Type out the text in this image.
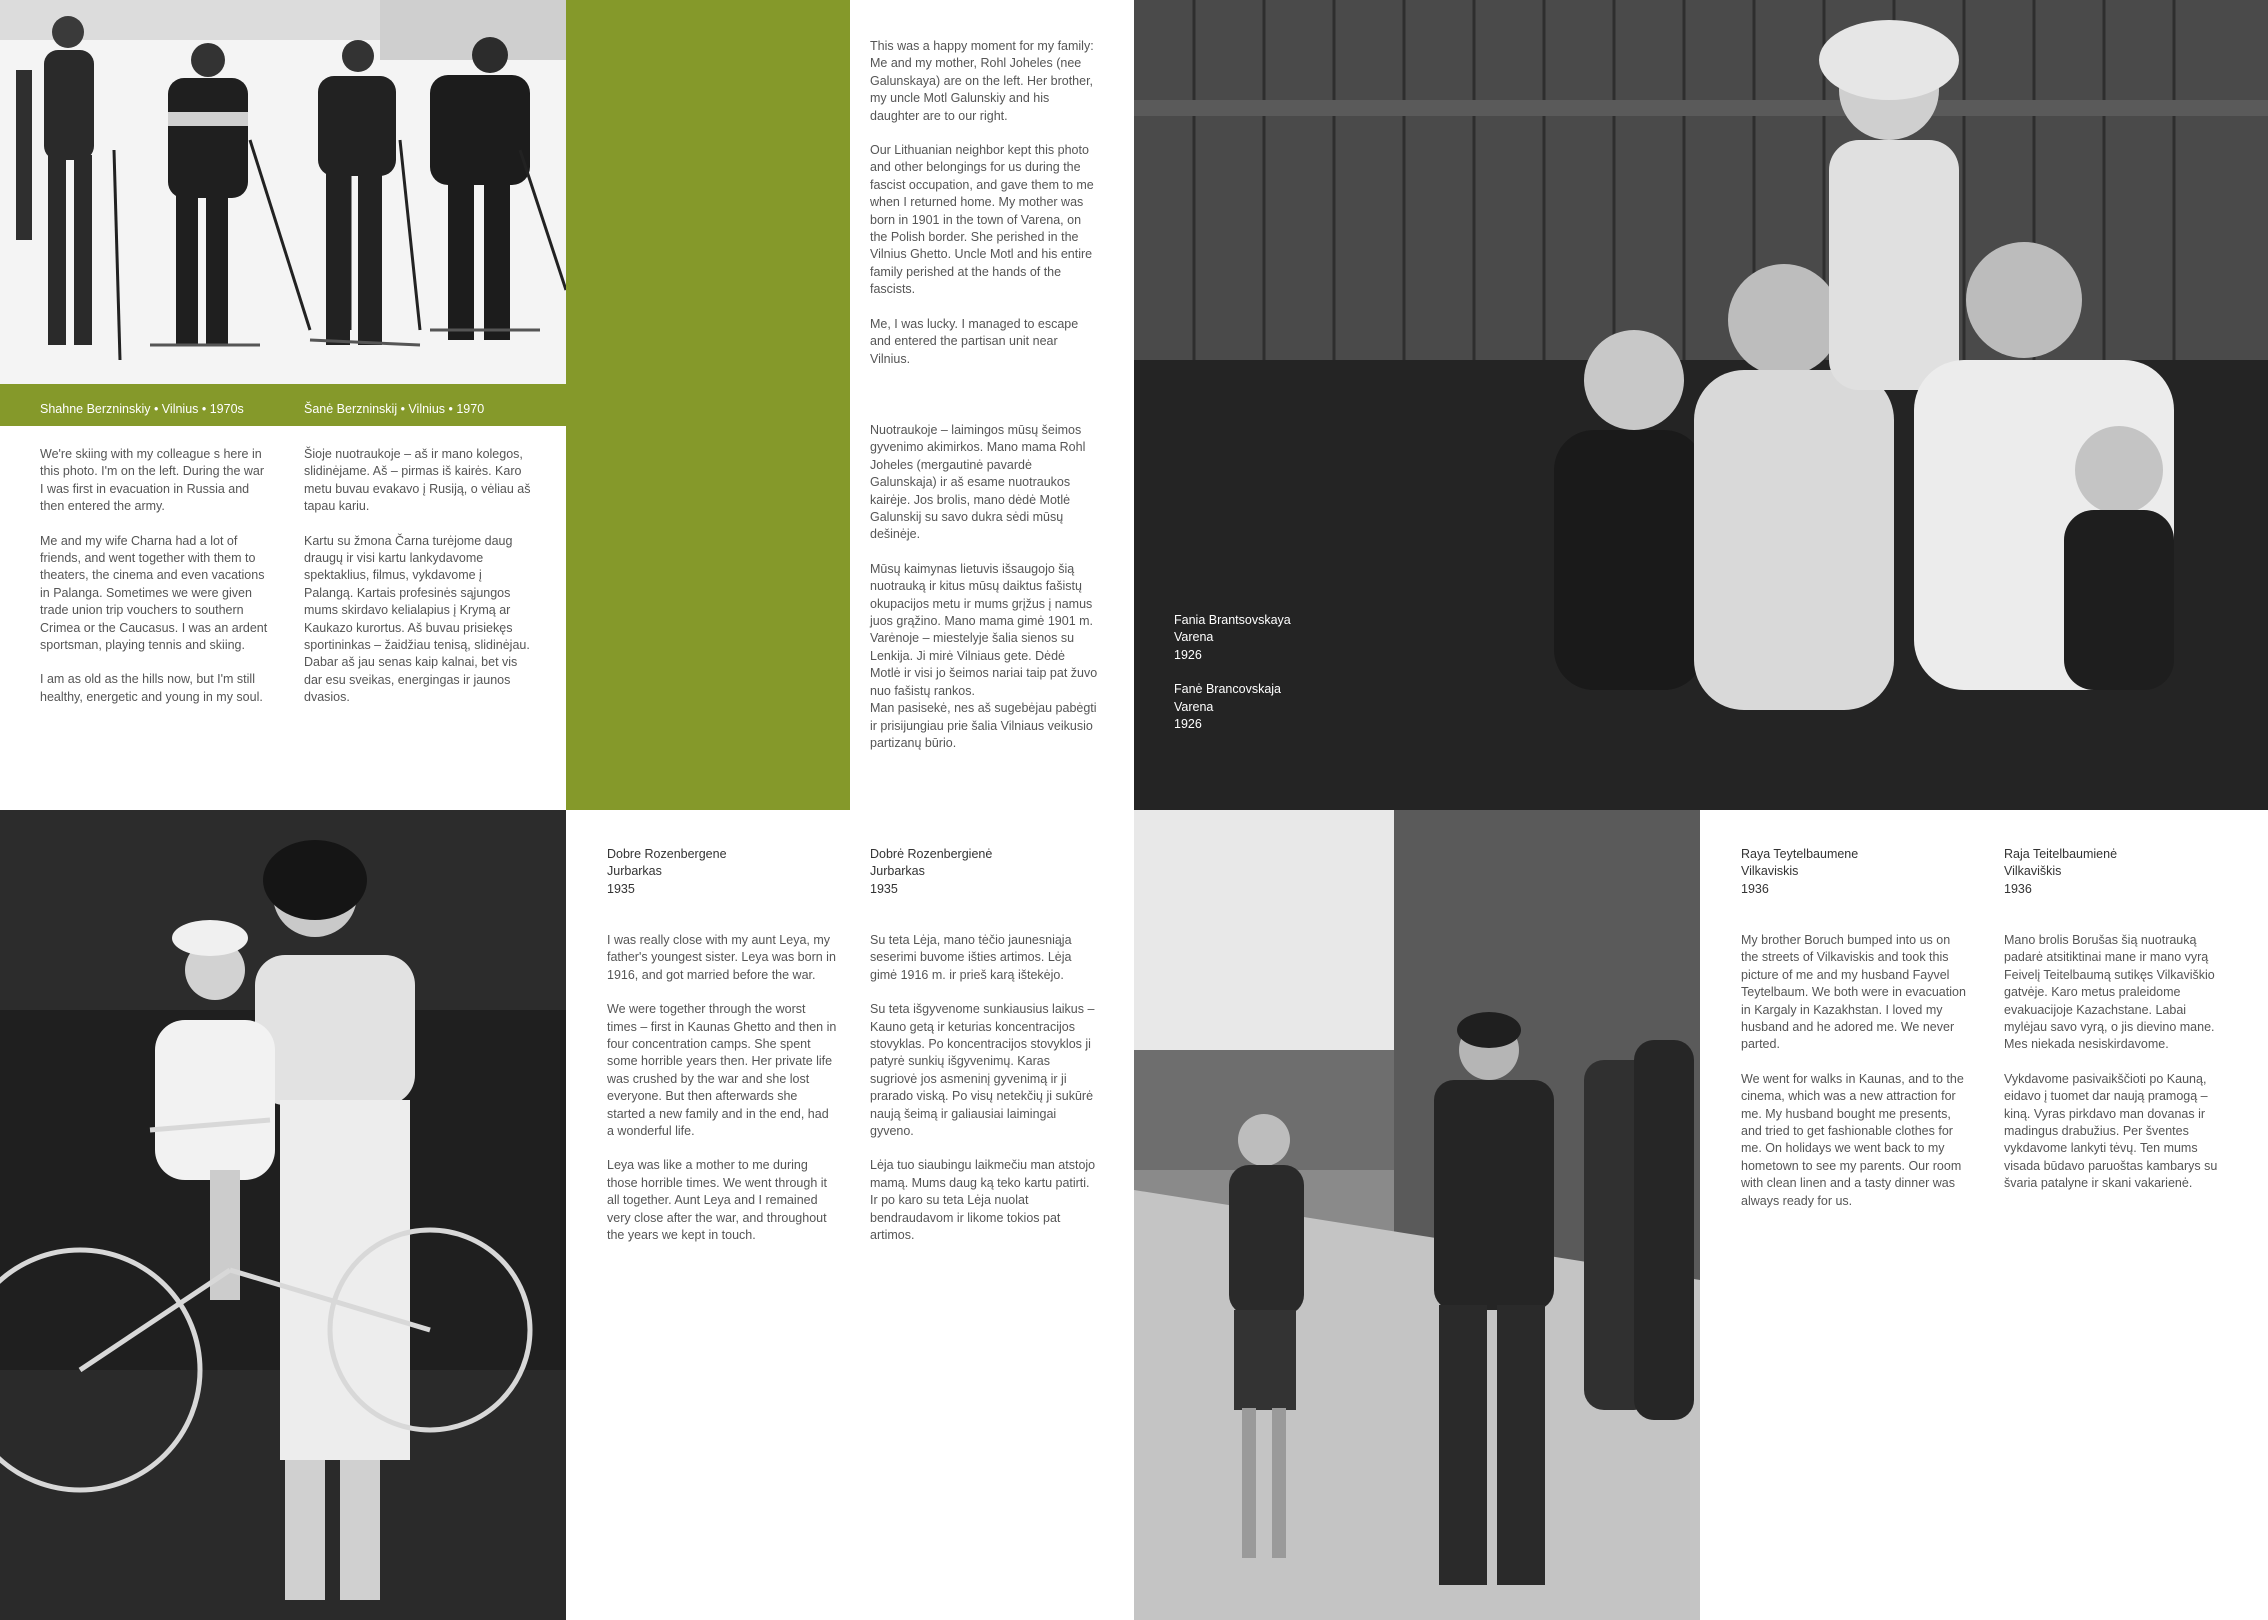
Shahne Berzninskiy • Vilnius • 1970s	Šanė Berzninskij • Vilnius • 1970

We're skiing with my colleague s here in this photo. I'm on the left. During the war I was first in evacuation in Russia and then entered the army.

Me and my wife Charna had a lot of friends, and went together with them to theaters, the cinema and even vacations in Palanga. Sometimes we were given trade union trip vouchers to southern Crimea or the Caucasus. I was an ardent sportsman, playing tennis and skiing.

I am as old as the hills now, but I'm still healthy, energetic and young in my soul.

Šioje nuotraukoje – aš ir mano kolegos, slidinėjame. Aš – pirmas iš kairės. Karo metu buvau evakavo į Rusiją, o vėliau aš tapau kariu.

Kartu su žmona Čarna turėjome daug draugų ir visi kartu lankydavome spektaklius, filmus, vykdavome į Palangą. Kartais profesinės sąjungos mums skirdavo kelialapius į Krymą ar Kaukazo kurortus. Aš buvau prisiekęs sportininkas – žaidžiau tenisą, slidinėjau.
Dabar aš jau senas kaip kalnai, bet vis dar esu sveikas, energingas ir jaunos dvasios.

This was a happy moment for my family: Me and my mother, Rohl Joheles (nee Galunskaya) are on the left. Her brother, my uncle Motl Galunskiy and his daughter are to our right.

Our Lithuanian neighbor kept this photo and other belongings for us during the fascist occupation, and gave them to me when I returned home. My mother was born in 1901 in the town of Varena, on the Polish border. She perished in the Vilnius Ghetto. Uncle Motl and his entire family perished at the hands of the fascists.

Me, I was lucky. I managed to escape and entered the partisan unit near Vilnius.

Nuotraukoje – laimingos mūsų šeimos gyvenimo akimirkos. Mano mama Rohl Joheles (mergautinė pavardė Galunskaja) ir aš esame nuotraukos kairėje. Jos brolis, mano dėdė Motlė Galunskij su savo dukra sėdi mūsų dešinėje.

Mūsų kaimynas lietuvis išsaugojo šią nuotrauką ir kitus mūsų daiktus fašistų okupacijos metu ir mums grįžus į namus juos grąžino. Mano mama gimė 1901 m. Varėnoje – miestelyje šalia sienos su Lenkija. Ji mirė Vilniaus gete. Dėdė Motlė ir visi jo šeimos nariai taip pat žuvo nuo fašistų rankos.
Man pasisekė, nes aš sugebėjau pabėgti ir prisijungiau prie šalia Vilniaus veikusio partizanų būrio.

Fania Brantsovskaya
Varena
1926
Fanė Brancovskaja
Varena
1926
Dobre Rozenbergene
Jurbarkas
1935
Dobrė Rozenbergienė
Jurbarkas
1935

I was really close with my aunt Leya, my father's youngest sister. Leya was born in 1916, and got married before the war.

We were together through the worst times – first in Kaunas Ghetto and then in four concentration camps. She spent some horrible years then. Her private life was crushed by the war and she lost everyone. But then afterwards she started a new family and in the end, had a wonderful life.

Leya was like a mother to me during those horrible times. We went through it all together. Aunt Leya and I remained very close after the war, and throughout the years we kept in touch.

Su teta Lėja, mano tėčio jaunesniąja seserimi buvome išties artimos. Lėja gimė 1916 m. ir prieš karą ištekėjo.

Su teta išgyvenome sunkiausius laikus – Kauno getą ir keturias koncentracijos stovyklas. Po koncentracijos stovyklos ji patyrė sunkių išgyvenimų. Karas sugriovė jos asmeninį gyvenimą ir ji prarado viską. Po visų netekčių ji sukūrė naują šeimą ir galiausiai laimingai gyveno.

Lėja tuo siaubingu laikmečiu man atstojo mamą. Mums daug ką teko kartu patirti.
Ir po karo su teta Lėja nuolat bendraudavom ir likome tokios pat artimos.

Raya Teytelbaumene
Vilkaviskis
1936
Raja Teitelbaumienė
Vilkaviškis
1936

My brother Boruch bumped into us on the streets of Vilkaviskis and took this picture of me and my husband Fayvel Teytelbaum. We both were in evacuation in Kargaly in Kazakhstan. I loved my husband and he adored me. We never parted.

We went for walks in Kaunas, and to the cinema, which was a new attraction for me. My husband bought me presents, and tried to get fashionable clothes for me. On holidays we went back to my hometown to see my parents. Our room with clean linen and a tasty dinner was always ready for us.

Mano brolis Borušas šią nuotrauką padarė atsitiktinai mane ir mano vyrą Feivelį Teitelbaumą sutikęs Vilkaviškio gatvėje. Karo metus praleidome evakuacijoje Kazachstane. Labai mylėjau savo vyrą, o jis dievino mane. Mes niekada nesiskirdavome.

Vykdavome pasivaikščioti po Kauną, eidavo į tuomet dar naują pramogą – kiną. Vyras pirkdavo man dovanas ir madingus drabužius. Per šventes vykdavome lankyti tėvų. Ten mums visada būdavo paruoštas kambarys su švaria patalyne ir skani vakarienė.
